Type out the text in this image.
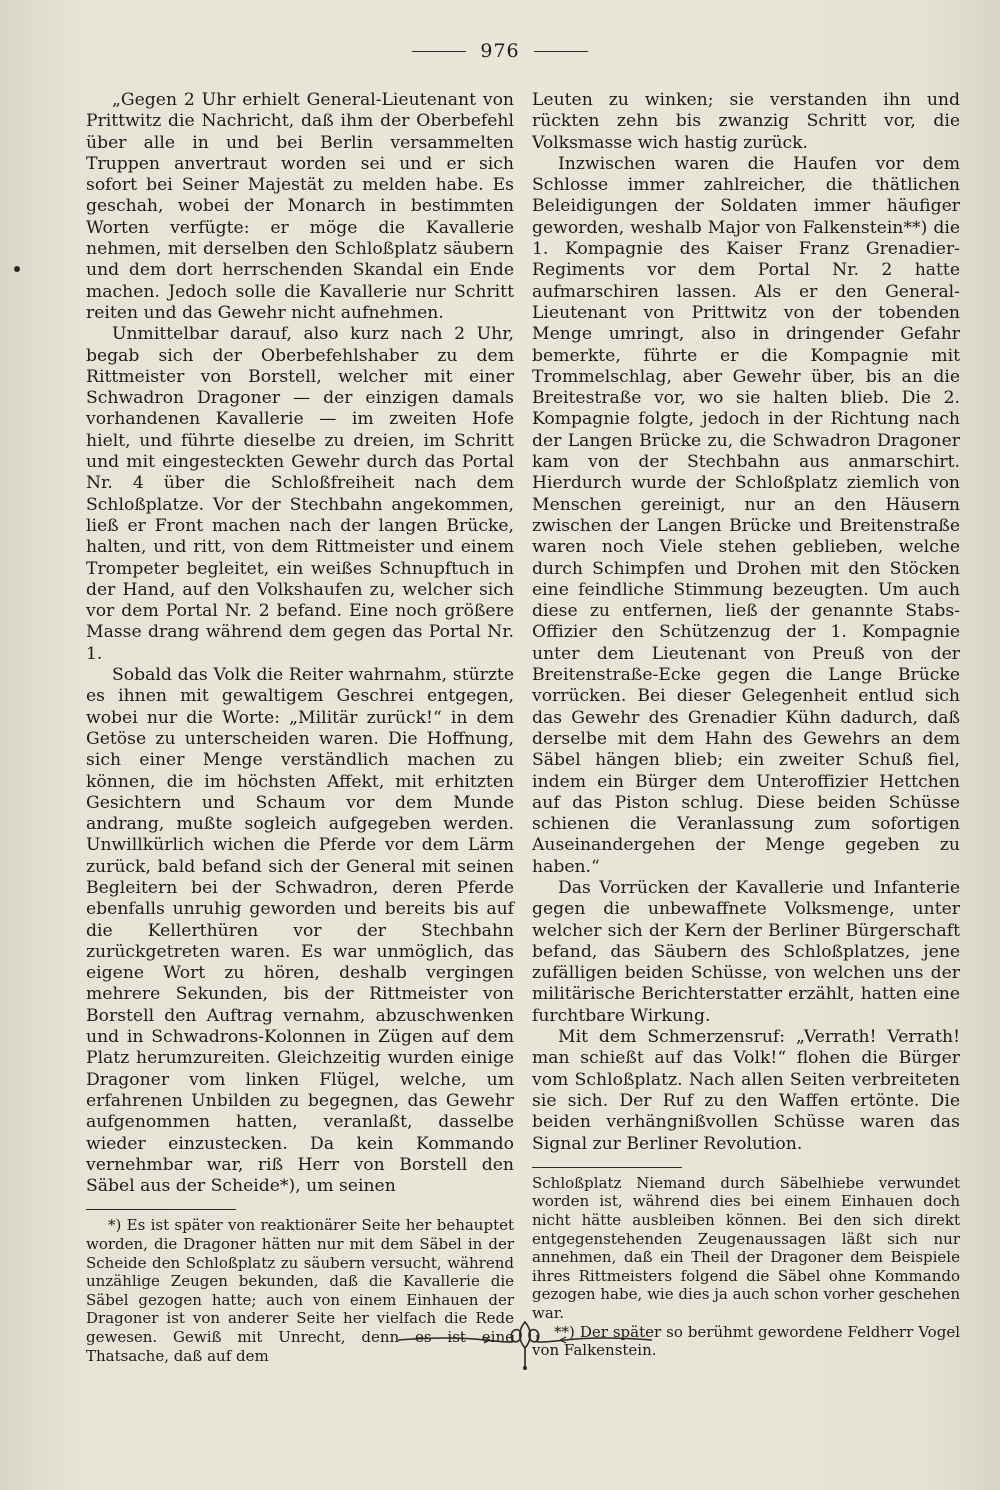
976

„Gegen 2 Uhr erhielt General-Lieutenant von Prittwitz die Nachricht, daß ihm der Oberbefehl über alle in und bei Berlin versammelten Truppen anvertraut worden sei und er sich sofort bei Seiner Majestät zu melden habe. Es geschah, wobei der Monarch in bestimmten Worten verfügte: er möge die Kavallerie nehmen, mit derselben den Schloßplatz säubern und dem dort herrschenden Skandal ein Ende machen. Jedoch solle die Kavallerie nur Schritt reiten und das Gewehr nicht aufnehmen.

Unmittelbar darauf, also kurz nach 2 Uhr, begab sich der Oberbefehlshaber zu dem Rittmeister von Borstell, welcher mit einer Schwadron Dragoner — der einzigen damals vorhandenen Kavallerie — im zweiten Hofe hielt, und führte dieselbe zu dreien, im Schritt und mit eingesteckten Gewehr durch das Portal Nr. 4 über die Schloßfreiheit nach dem Schloßplatze. Vor der Stechbahn angekommen, ließ er Front machen nach der langen Brücke, halten, und ritt, von dem Rittmeister und einem Trompeter begleitet, ein weißes Schnupftuch in der Hand, auf den Volkshaufen zu, welcher sich vor dem Portal Nr. 2 befand. Eine noch größere Masse drang während dem gegen das Portal Nr. 1.

Sobald das Volk die Reiter wahrnahm, stürzte es ihnen mit gewaltigem Geschrei entgegen, wobei nur die Worte: „Militär zurück!“ in dem Getöse zu unterscheiden waren. Die Hoffnung, sich einer Menge verständlich machen zu können, die im höchsten Affekt, mit erhitzten Gesichtern und Schaum vor dem Munde andrang, mußte sogleich aufgegeben werden. Unwillkürlich wichen die Pferde vor dem Lärm zurück, bald befand sich der General mit seinen Begleitern bei der Schwadron, deren Pferde ebenfalls unruhig geworden und bereits bis auf die Kellerthüren vor der Stechbahn zurückgetreten waren. Es war unmöglich, das eigene Wort zu hören, deshalb vergingen mehrere Sekunden, bis der Rittmeister von Borstell den Auftrag vernahm, abzuschwenken und in Schwadrons-Kolonnen in Zügen auf dem Platz herumzureiten. Gleichzeitig wurden einige Dragoner vom linken Flügel, welche, um erfahrenen Unbilden zu begegnen, das Gewehr aufgenommen hatten, veranlaßt, dasselbe wieder einzustecken. Da kein Kommando vernehmbar war, riß Herr von Borstell den Säbel aus der Scheide*), um seinen

*) Es ist später von reaktionärer Seite her behauptet worden, die Dragoner hätten nur mit dem Säbel in der Scheide den Schloßplatz zu säubern versucht, während unzählige Zeugen bekunden, daß die Kavallerie die Säbel gezogen hatte; auch von einem Einhauen der Dragoner ist von anderer Seite her vielfach die Rede gewesen. Gewiß mit Unrecht, denn es ist eine Thatsache, daß auf dem

Leuten zu winken; sie verstanden ihn und rückten zehn bis zwanzig Schritt vor, die Volksmasse wich hastig zurück.

Inzwischen waren die Haufen vor dem Schlosse immer zahlreicher, die thätlichen Beleidigungen der Soldaten immer häufiger geworden, weshalb Major von Falkenstein**) die 1. Kompagnie des Kaiser Franz Grenadier-Regiments vor dem Portal Nr. 2 hatte aufmarschiren lassen. Als er den General-Lieutenant von Prittwitz von der tobenden Menge umringt, also in dringender Gefahr bemerkte, führte er die Kompagnie mit Trommelschlag, aber Gewehr über, bis an die Breitestraße vor, wo sie halten blieb. Die 2. Kompagnie folgte, jedoch in der Richtung nach der Langen Brücke zu, die Schwadron Dragoner kam von der Stechbahn aus anmarschirt. Hierdurch wurde der Schloßplatz ziemlich von Menschen gereinigt, nur an den Häusern zwischen der Langen Brücke und Breitenstraße waren noch Viele stehen geblieben, welche durch Schimpfen und Drohen mit den Stöcken eine feindliche Stimmung bezeugten. Um auch diese zu entfernen, ließ der genannte Stabs-Offizier den Schützenzug der 1. Kompagnie unter dem Lieutenant von Preuß von der Breitenstraße-Ecke gegen die Lange Brücke vorrücken. Bei dieser Gelegenheit entlud sich das Gewehr des Grenadier Kühn dadurch, daß derselbe mit dem Hahn des Gewehrs an dem Säbel hängen blieb; ein zweiter Schuß fiel, indem ein Bürger dem Unteroffizier Hettchen auf das Piston schlug. Diese beiden Schüsse schienen die Veranlassung zum sofortigen Auseinandergehen der Menge gegeben zu haben.“

Das Vorrücken der Kavallerie und Infanterie gegen die unbewaffnete Volksmenge, unter welcher sich der Kern der Berliner Bürgerschaft befand, das Säubern des Schloßplatzes, jene zufälligen beiden Schüsse, von welchen uns der militärische Berichterstatter erzählt, hatten eine furchtbare Wirkung.

Mit dem Schmerzensruf: „Verrath! Verrath! man schießt auf das Volk!“ flohen die Bürger vom Schloßplatz. Nach allen Seiten verbreiteten sie sich. Der Ruf zu den Waffen ertönte. Die beiden verhängnißvollen Schüsse waren das Signal zur Berliner Revolution.

Schloßplatz Niemand durch Säbelhiebe verwundet worden ist, während dies bei einem Einhauen doch nicht hätte ausbleiben können. Bei den sich direkt entgegenstehenden Zeugenaussagen läßt sich nur annehmen, daß ein Theil der Dragoner dem Beispiele ihres Rittmeisters folgend die Säbel ohne Kommando gezogen habe, wie dies ja auch schon vorher geschehen war.

**) Der später so berühmt gewordene Feldherr Vogel von Falkenstein.
